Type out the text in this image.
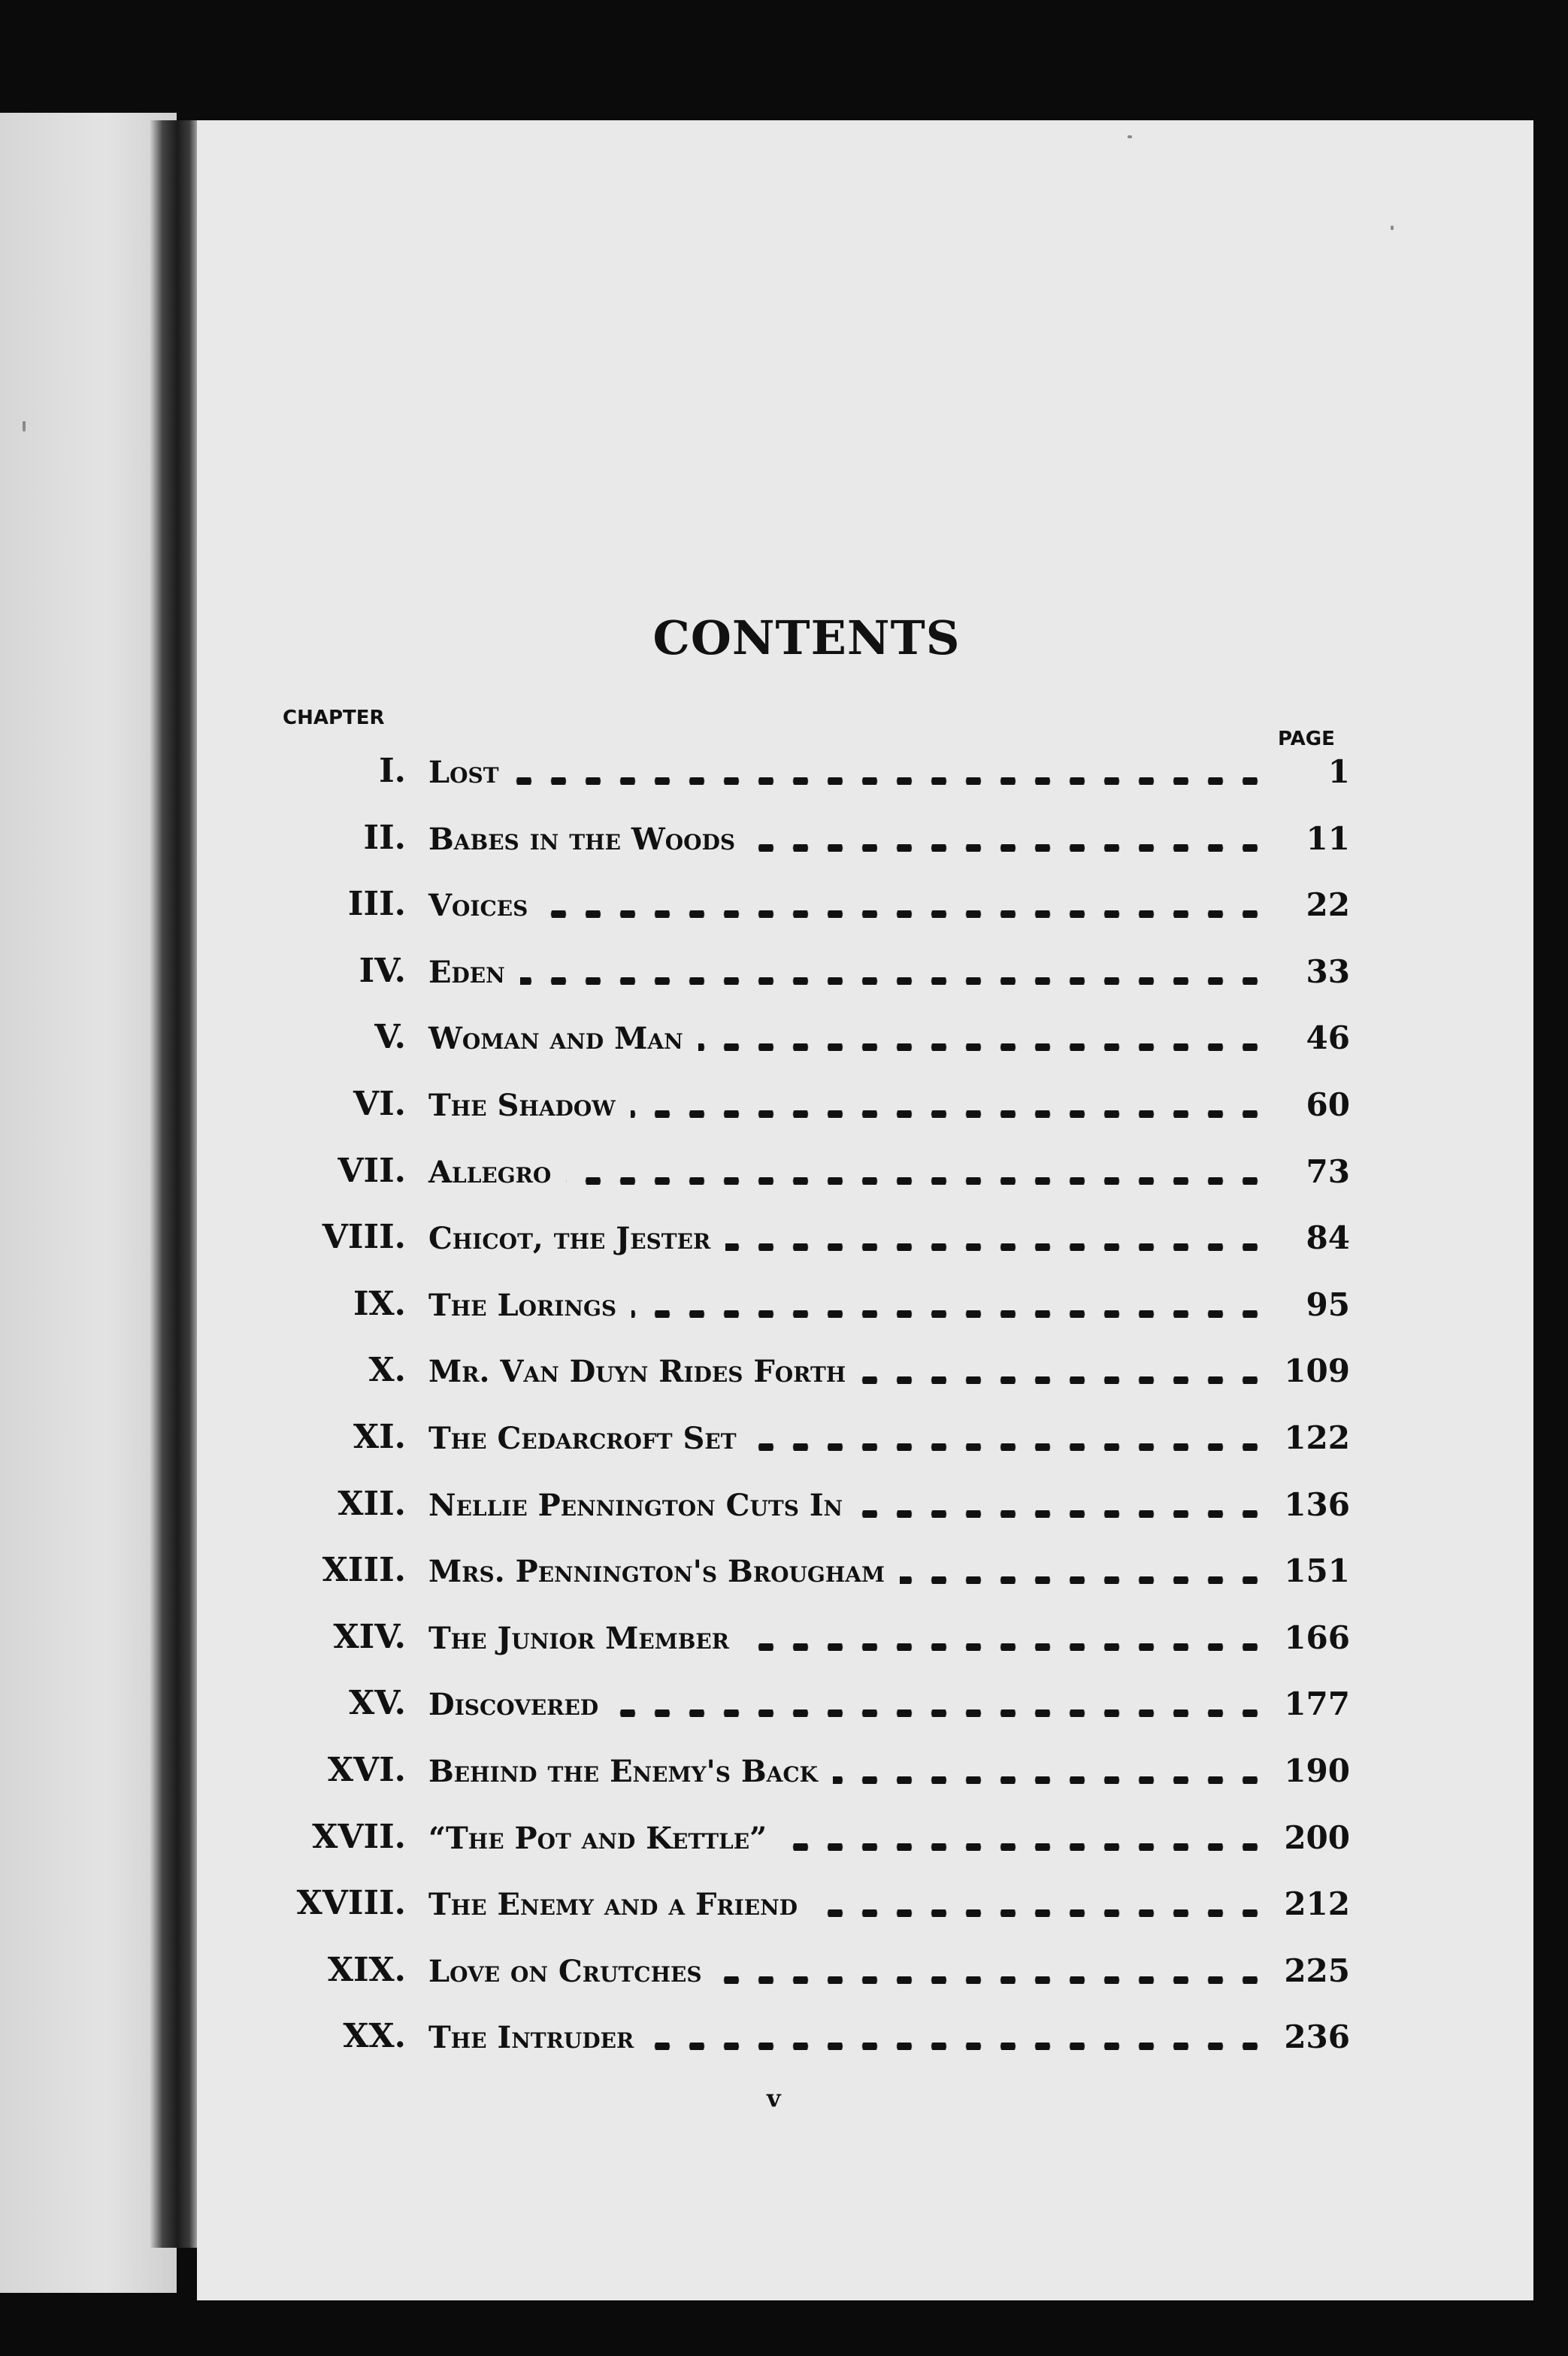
CONTENTS
CHAPTER
PAGE
I. Lost	1
II. Babes in the Woods	11
III. Voices	22
IV. Eden	33
V. Woman and Man	46
VI. The Shadow	60
VII. Allegro	73
VIII. Chicot, the Jester	84
IX. The Lorings	95
X. Mr. Van Duyn Rides Forth	109
XI. The Cedarcroft Set	122
XII. Nellie Pennington Cuts In	136
XIII. Mrs. Pennington's Brougham	151
XIV. The Junior Member	166
XV. Discovered	177
XVI. Behind the Enemy's Back	190
XVII. “The Pot and Kettle”	200
XVIII. The Enemy and a Friend	212
XIX. Love on Crutches	225
XX. The Intruder	236
v
